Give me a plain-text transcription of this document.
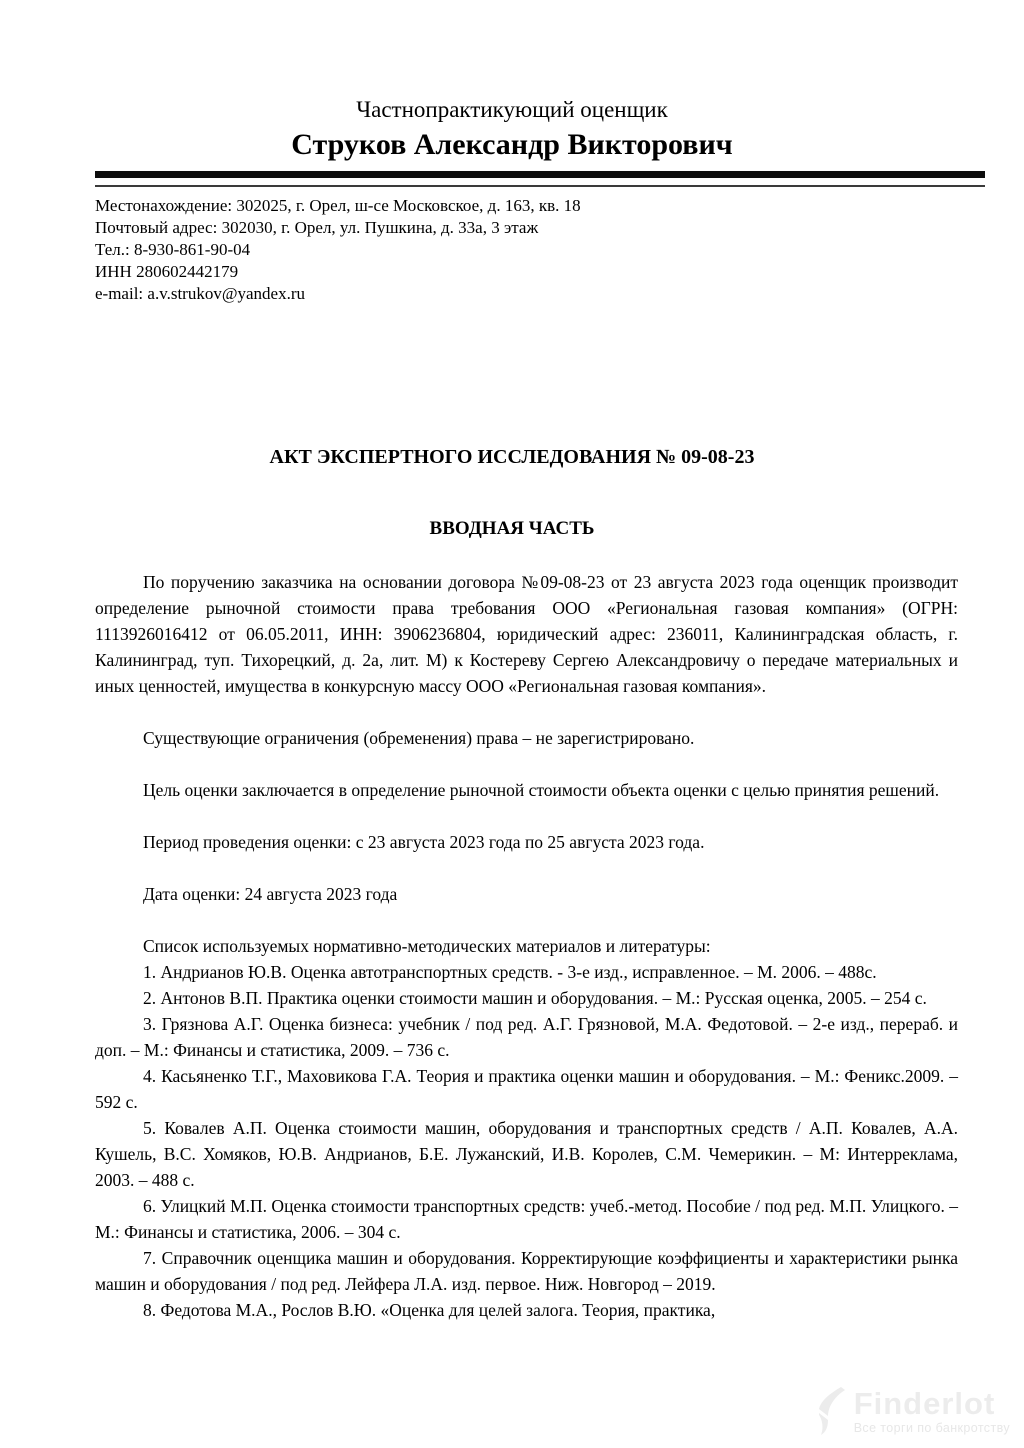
Частнопрактикующий оценщик
Струков Александр Викторович
Местонахождение: 302025, г. Орел, ш-се Московское, д. 163, кв. 18
Почтовый адрес: 302030, г. Орел, ул. Пушкина, д. 33а, 3 этаж
Тел.: 8-930-861-90-04
ИНН 280602442179
e-mail: a.v.strukov@yandex.ru
АКТ ЭКСПЕРТНОГО ИССЛЕДОВАНИЯ № 09-08-23
ВВОДНАЯ ЧАСТЬ

По поручению заказчика на основании договора №09-08-23 от 23 августа 2023 года оценщик производит определение рыночной стоимости права требования ООО «Региональная газовая компания» (ОГРН: 1113926016412 от 06.05.2011, ИНН: 3906236804, юридический адрес: 236011, Калининградская область, г. Калининград, туп. Тихорецкий, д. 2а, лит. М) к Костереву Сергею Александровичу о передаче материальных и иных ценностей, имущества в конкурсную массу ООО «Региональная газовая компания».

Существующие ограничения (обременения) права – не зарегистрировано.

Цель оценки заключается в определение рыночной стоимости объекта оценки с целью принятия решений.

Период проведения оценки: с 23 августа 2023 года по 25 августа 2023 года.

Дата оценки: 24 августа 2023 года

Список используемых нормативно-методических материалов и литературы:

1. Андрианов Ю.В. Оценка автотранспортных средств. - 3-е изд., исправленное. – М. 2006. – 488с.

2. Антонов В.П. Практика оценки стоимости машин и оборудования. – М.: Русская оценка, 2005. – 254 с.

3. Грязнова А.Г. Оценка бизнеса: учебник / под ред. А.Г. Грязновой, М.А. Федотовой. – 2-е изд., перераб. и доп. – М.: Финансы и статистика, 2009. – 736 с.

4. Касьяненко Т.Г., Маховикова Г.А. Теория и практика оценки машин и оборудования. – М.: Феникс.2009. – 592 с.

5. Ковалев А.П. Оценка стоимости машин, оборудования и транспортных средств / А.П. Ковалев, А.А. Кушель, В.С. Хомяков, Ю.В. Андрианов, Б.Е. Лужанский, И.В. Королев, С.М. Чемерикин. – М: Интерреклама, 2003. – 488 с.

6. Улицкий М.П. Оценка стоимости транспортных средств: учеб.-метод. Пособие / под ред. М.П. Улицкого. – М.: Финансы и статистика, 2006. – 304 с.

7. Справочник оценщика машин и оборудования. Корректирующие коэффициенты и характеристики рынка машин и оборудования / под ред. Лейфера Л.А. изд. первое. Ниж. Новгород – 2019.

8. Федотова М.А., Рослов В.Ю. «Оценка для целей залога. Теория, практика,

Finderlot
Все торги по банкротству
